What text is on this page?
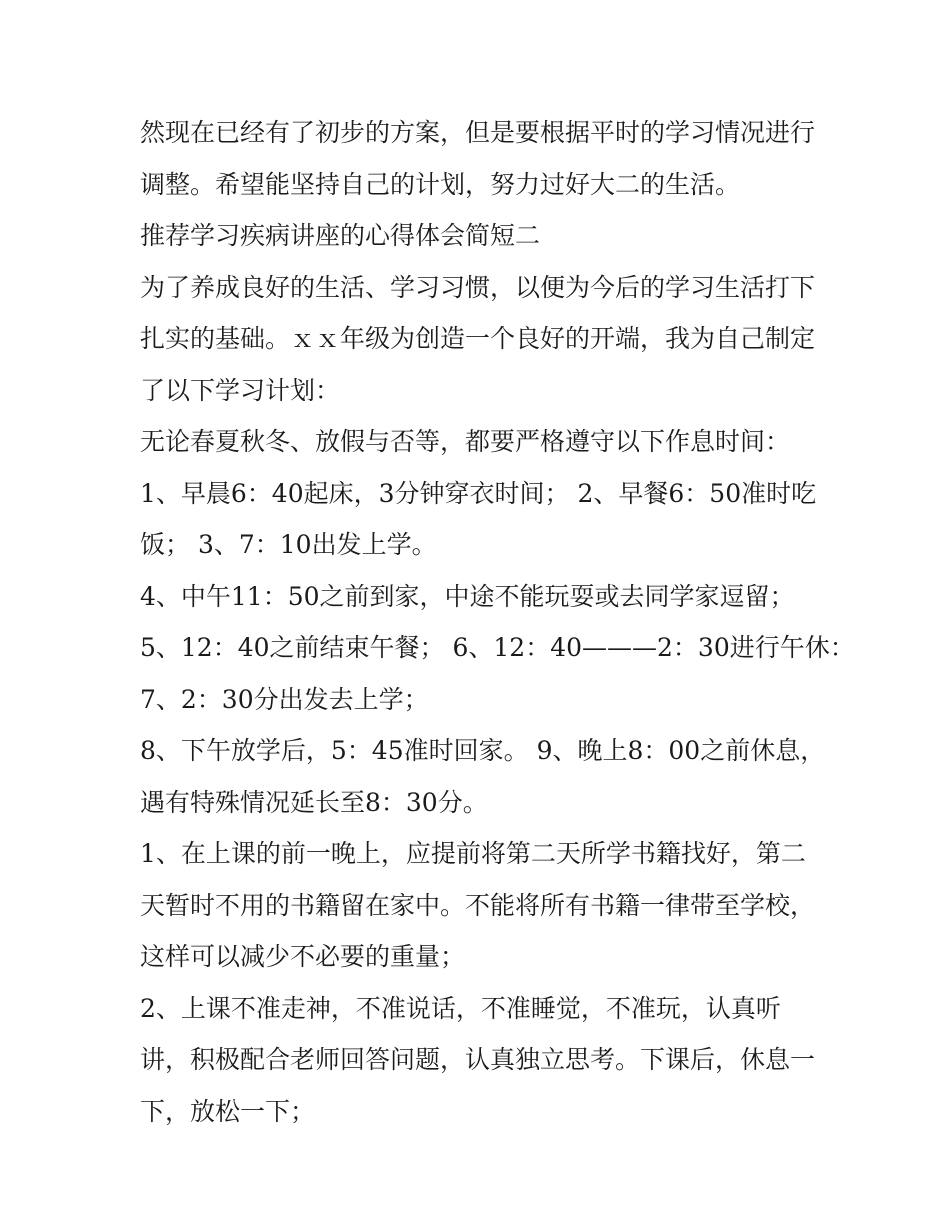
然现在已经有了初步的方案，但是要根据平时的学习情况进行
调整。希望能坚持自己的计划，努力过好大二的生活。
推荐学习疾病讲座的心得体会简短二
为了养成良好的生活、学习习惯，以便为今后的学习生活打下
扎实的基础。ｘｘ年级为创造一个良好的开端，我为自己制定
了以下学习计划：
无论春夏秋冬、放假与否等，都要严格遵守以下作息时间：
1、早晨6：40起床，3分钟穿衣时间； 2、早餐6：50准时吃
饭； 3、7：10出发上学。
4、中午11：50之前到家，中途不能玩耍或去同学家逗留；
5、12：40之前结束午餐； 6、12：40———2：30进行午休：
7、2：30分出发去上学；
8、下午放学后，5：45准时回家。 9、晚上8：00之前休息，
遇有特殊情况延长至8：30分。
1、在上课的前一晚上，应提前将第二天所学书籍找好，第二
天暂时不用的书籍留在家中。不能将所有书籍一律带至学校，
这样可以减少不必要的重量；
2、上课不准走神，不准说话，不准睡觉，不准玩，认真听
讲，积极配合老师回答问题，认真独立思考。下课后，休息一
下，放松一下；
